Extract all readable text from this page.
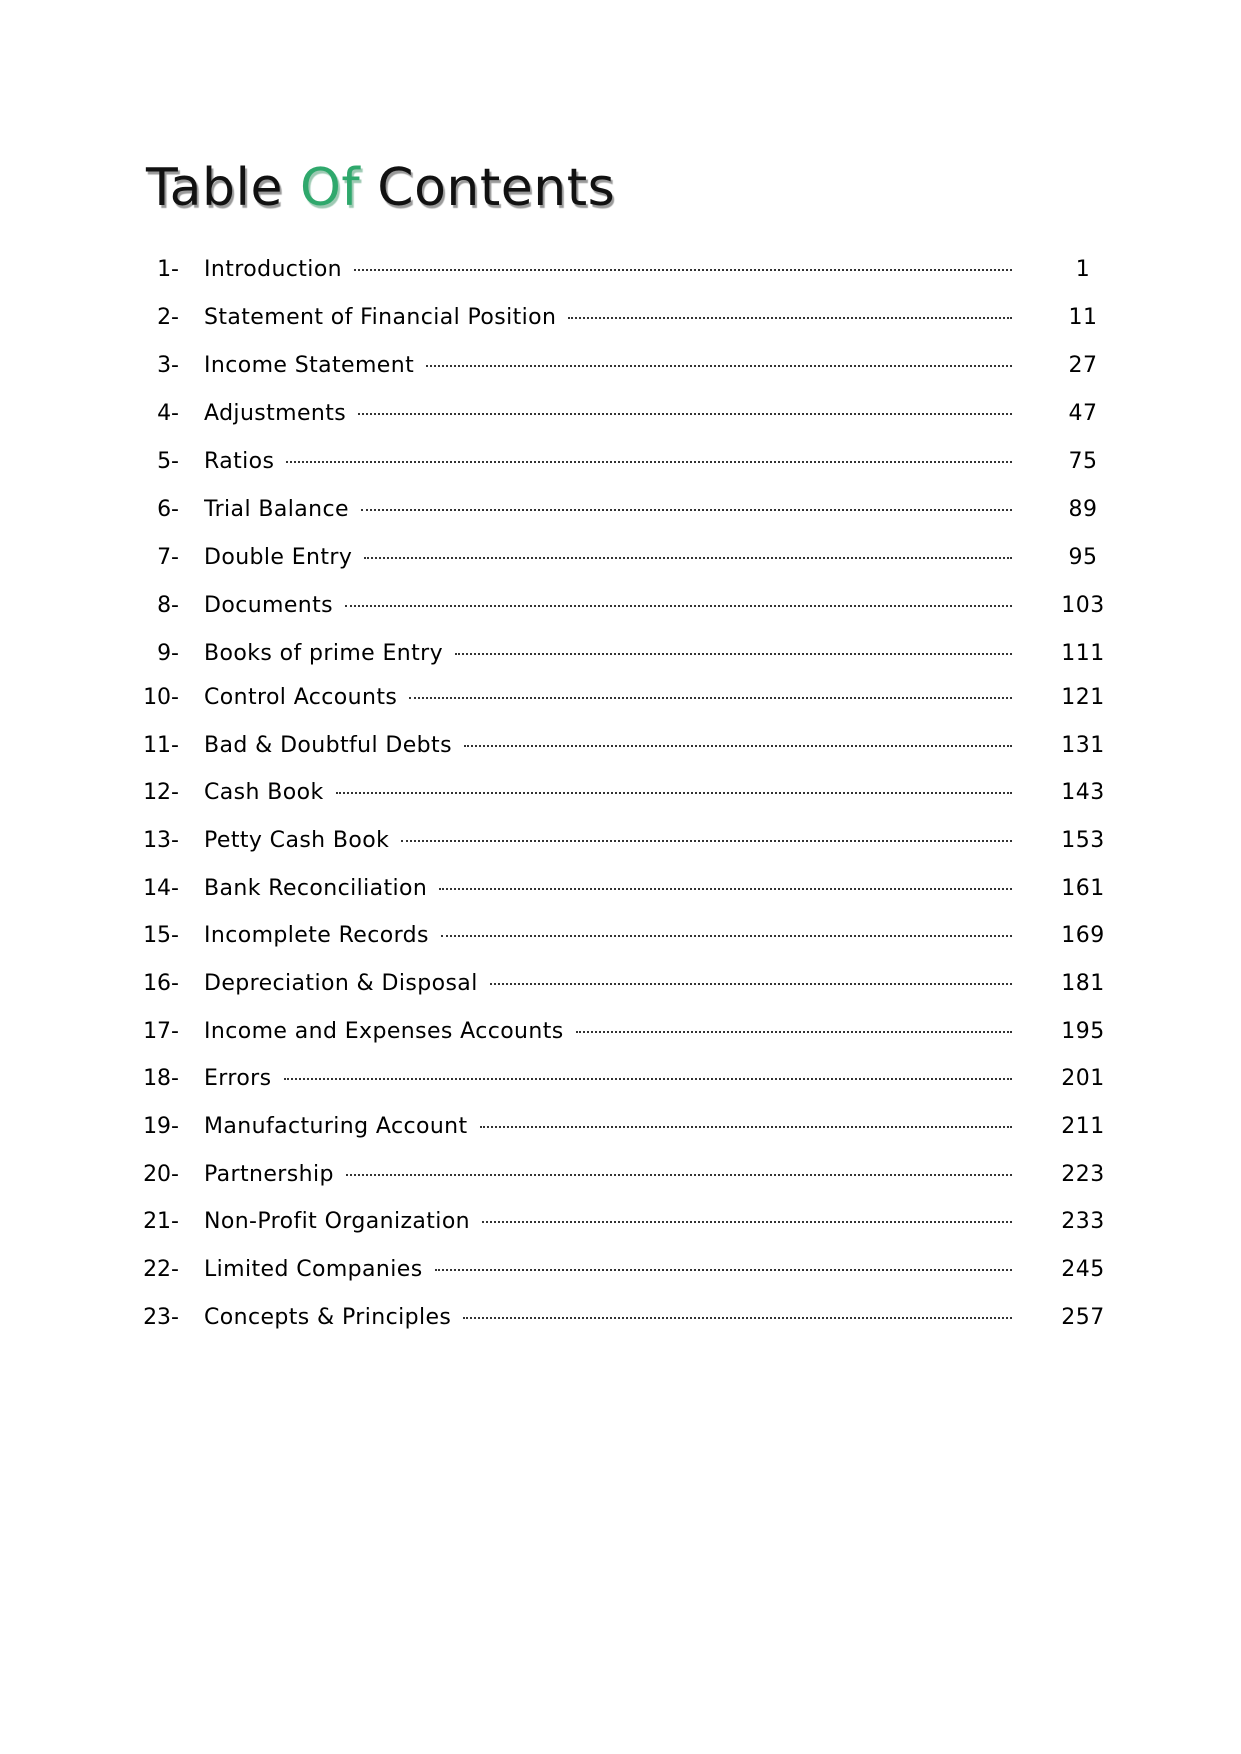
Table Of Contents
1- Introduction	1
2- Statement of Financial Position	11
3- Income Statement	27
4- Adjustments	47
5- Ratios	75
6- Trial Balance	89
7- Double Entry	95
8- Documents	103
9- Books of prime Entry	111
10- Control Accounts	121
11- Bad & Doubtful Debts	131
12- Cash Book	143
13- Petty Cash Book	153
14- Bank Reconciliation	161
15- Incomplete Records	169
16- Depreciation & Disposal	181
17- Income and Expenses Accounts	195
18- Errors	201
19- Manufacturing Account	211
20- Partnership	223
21- Non-Profit Organization	233
22- Limited Companies	245
23- Concepts & Principles	257
